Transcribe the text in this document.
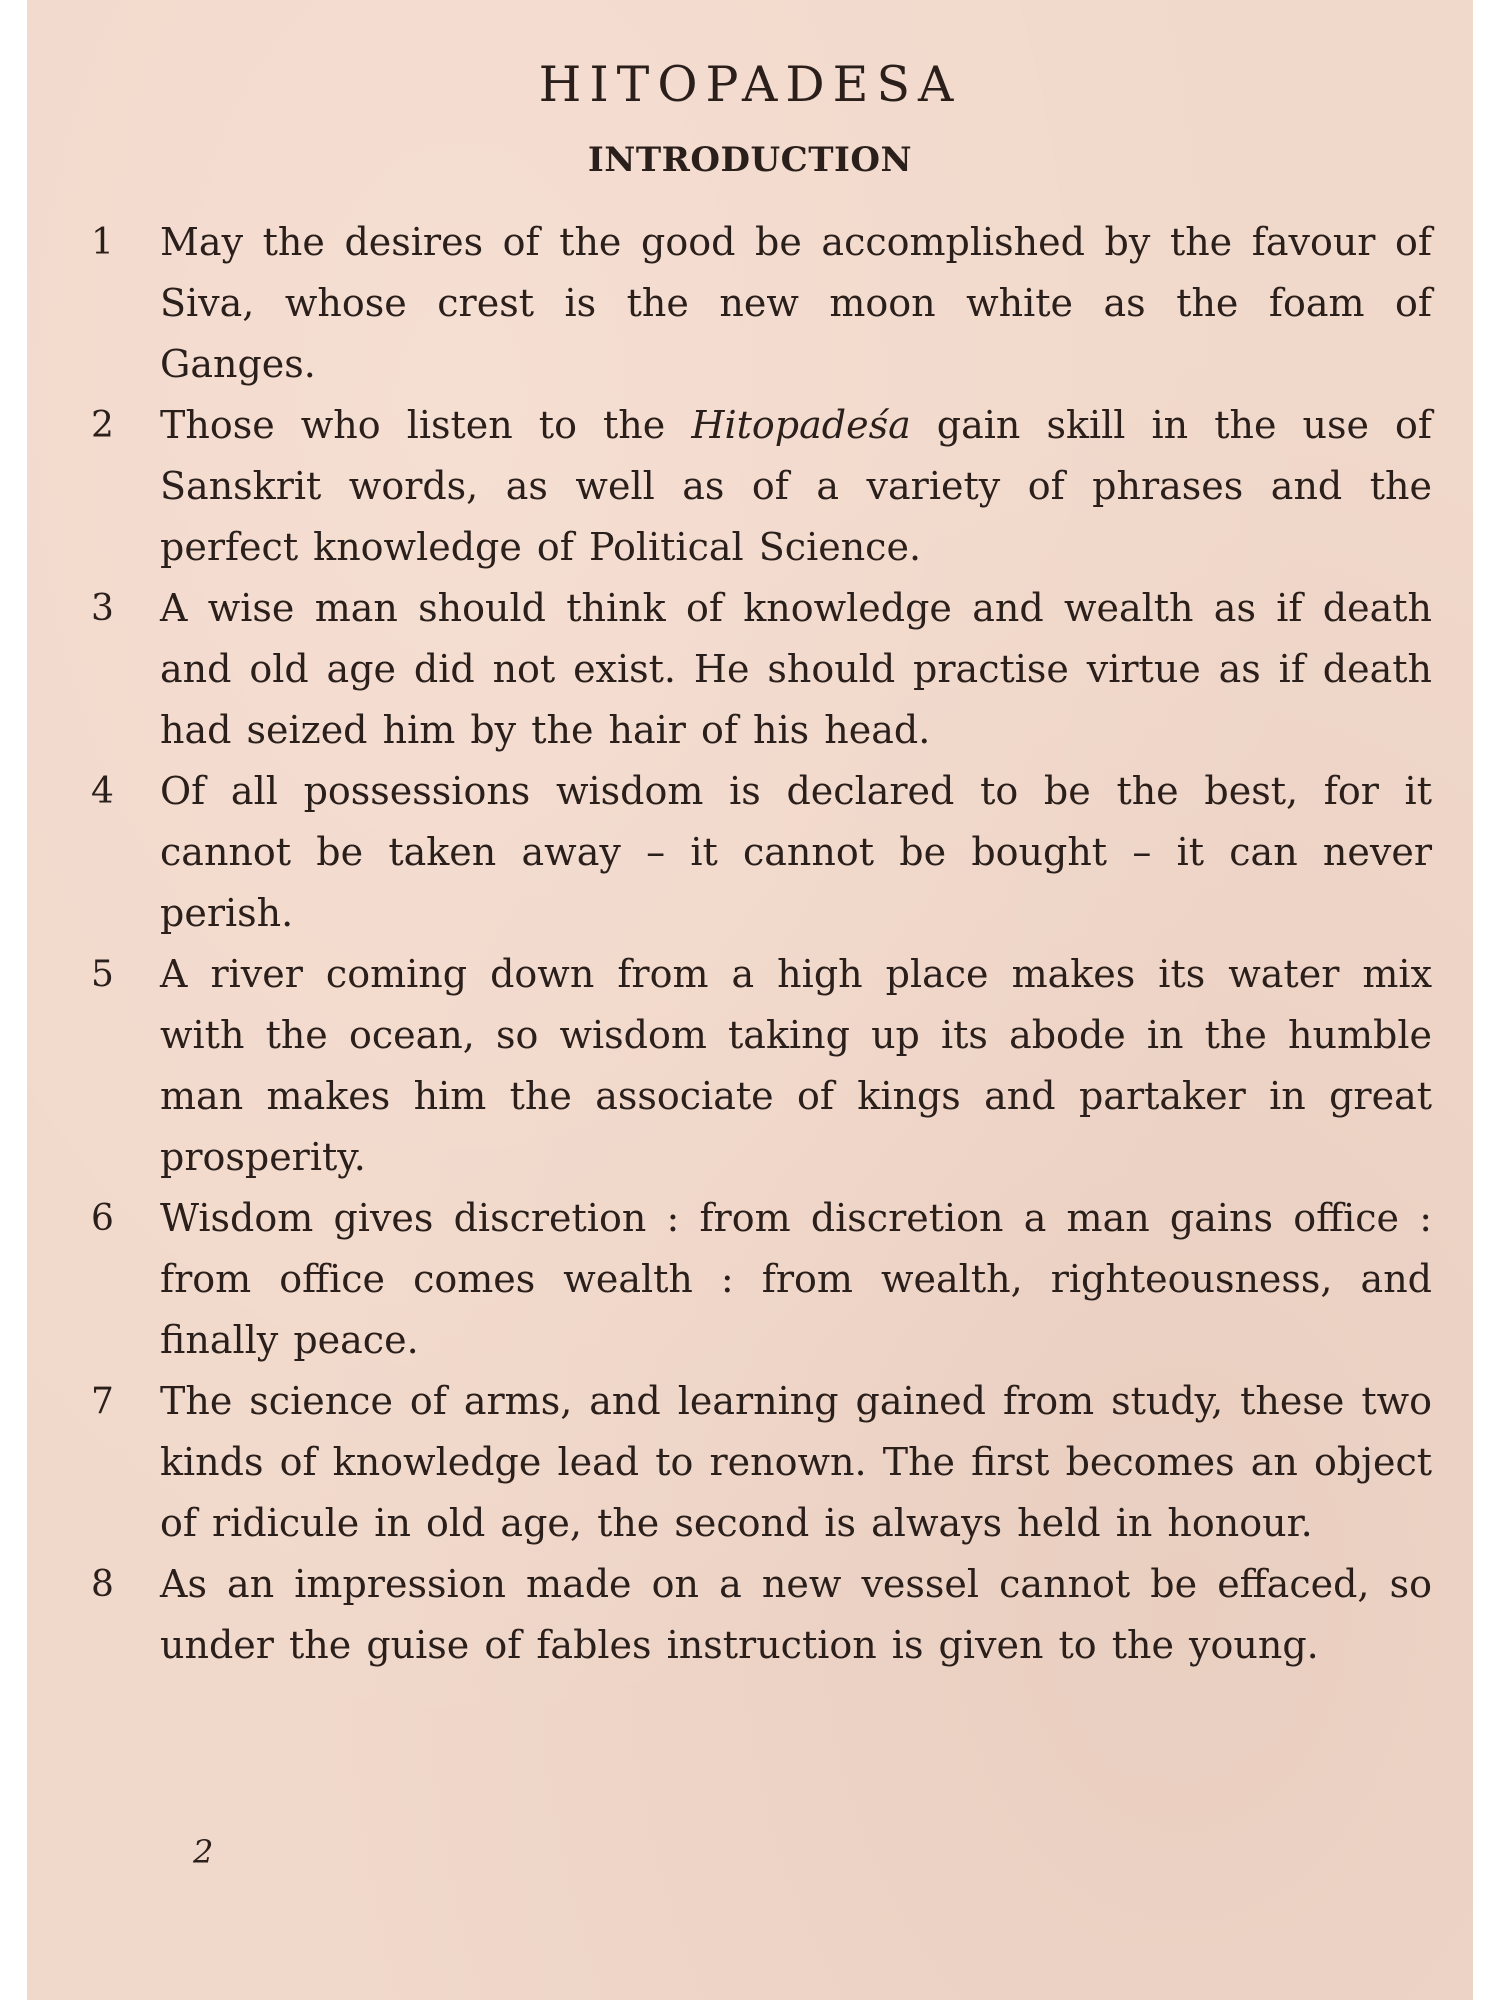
HITOPADESA
INTRODUCTION
1 May the desires of the good be accomplished by the favour of Siva, whose crest is the new moon white as the foam of Ganges.
2 Those who listen to the Hitopadeśa gain skill in the use of Sanskrit words, as well as of a variety of phrases and the perfect knowledge of Political Science.
3 A wise man should think of knowledge and wealth as if death and old age did not exist. He should practise virtue as if death had seized him by the hair of his head.
4 Of all possessions wisdom is declared to be the best, for it cannot be taken away – it cannot be bought – it can never perish.
5 A river coming down from a high place makes its water mix with the ocean, so wisdom taking up its abode in the humble man makes him the associate of kings and partaker in great prosperity.
6 Wisdom gives discretion : from discretion a man gains office : from office comes wealth : from wealth, righteousness, and finally peace.
7 The science of arms, and learning gained from study, these two kinds of knowledge lead to renown. The first becomes an object of ridicule in old age, the second is always held in honour.
8 As an impression made on a new vessel cannot be effaced, so under the guise of fables instruction is given to the young.
2
